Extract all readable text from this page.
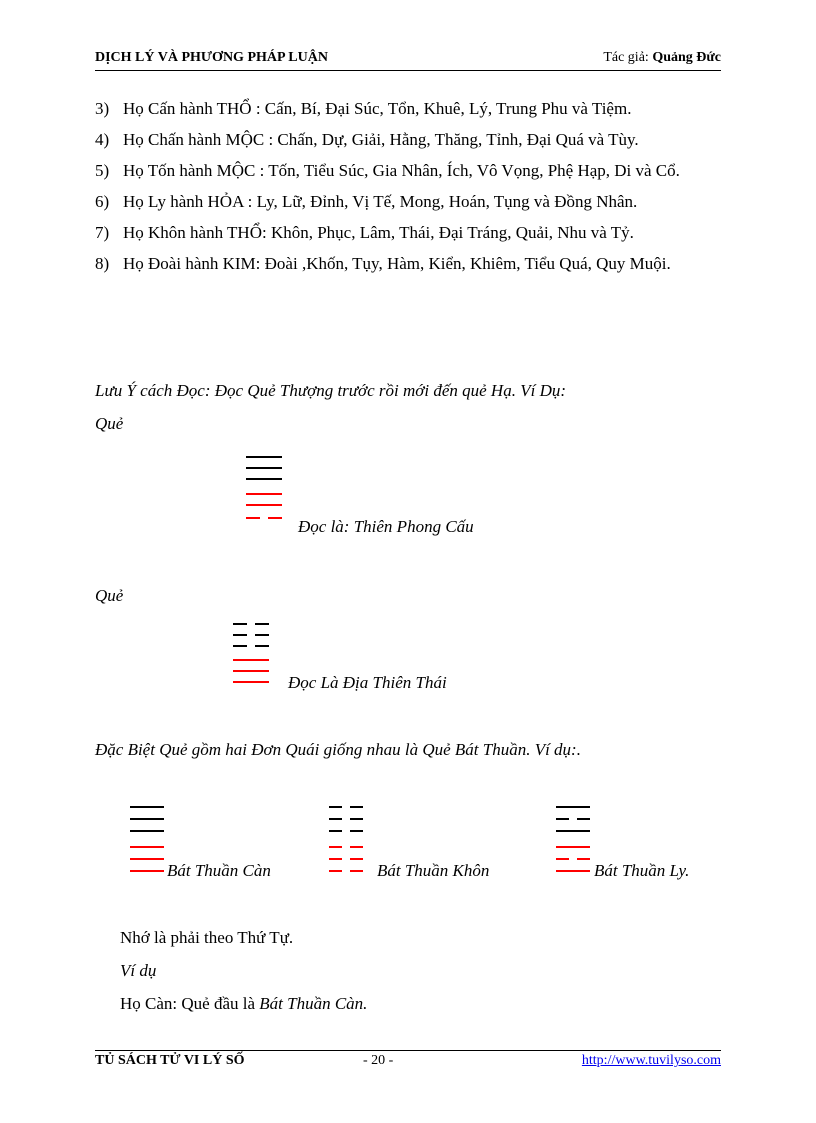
DỊCH LÝ VÀ PHƯƠNG PHÁP LUẬN	Tác giả: Quảng Đức
3) Họ Cấn hành THỔ : Cấn, Bí, Đại Súc, Tổn, Khuê, Lý, Trung Phu và Tiệm.
4) Họ Chấn hành MỘC : Chấn, Dự, Giải, Hằng, Thăng, Tỉnh, Đại Quá và Tùy.
5) Họ Tốn hành MỘC : Tốn, Tiểu Súc, Gia Nhân, Ích, Vô Vọng, Phệ Hạp, Di và Cổ.
6) Họ Ly hành HỎA : Ly, Lữ, Đỉnh, Vị Tế, Mong, Hoán, Tụng và Đồng Nhân.
7) Họ Khôn hành THỔ: Khôn, Phục, Lâm, Thái, Đại Tráng, Quải, Nhu và Tỷ.
8) Họ Đoài hành KIM: Đoài ,Khốn, Tụy, Hàm, Kiển, Khiêm, Tiểu Quá, Quy Muội.
Lưu Ý cách Đọc: Đọc Quẻ Thượng trước rồi mới đến quẻ Hạ. Ví Dụ:
Quẻ
Đọc là: Thiên Phong Cấu
Quẻ
Đọc Là Địa Thiên Thái
Đặc Biệt Quẻ gồm hai Đơn Quái giống nhau là Quẻ Bát Thuần. Ví dụ:.
Bát Thuần Càn	Bát Thuần Khôn	Bát Thuần Ly.
Nhớ là phải theo Thứ Tự.
Ví dụ
Họ Càn: Quẻ đầu là Bát Thuần Càn.
TỦ SÁCH TỬ VI LÝ SỐ	- 20 -	http://www.tuvilyso.com
